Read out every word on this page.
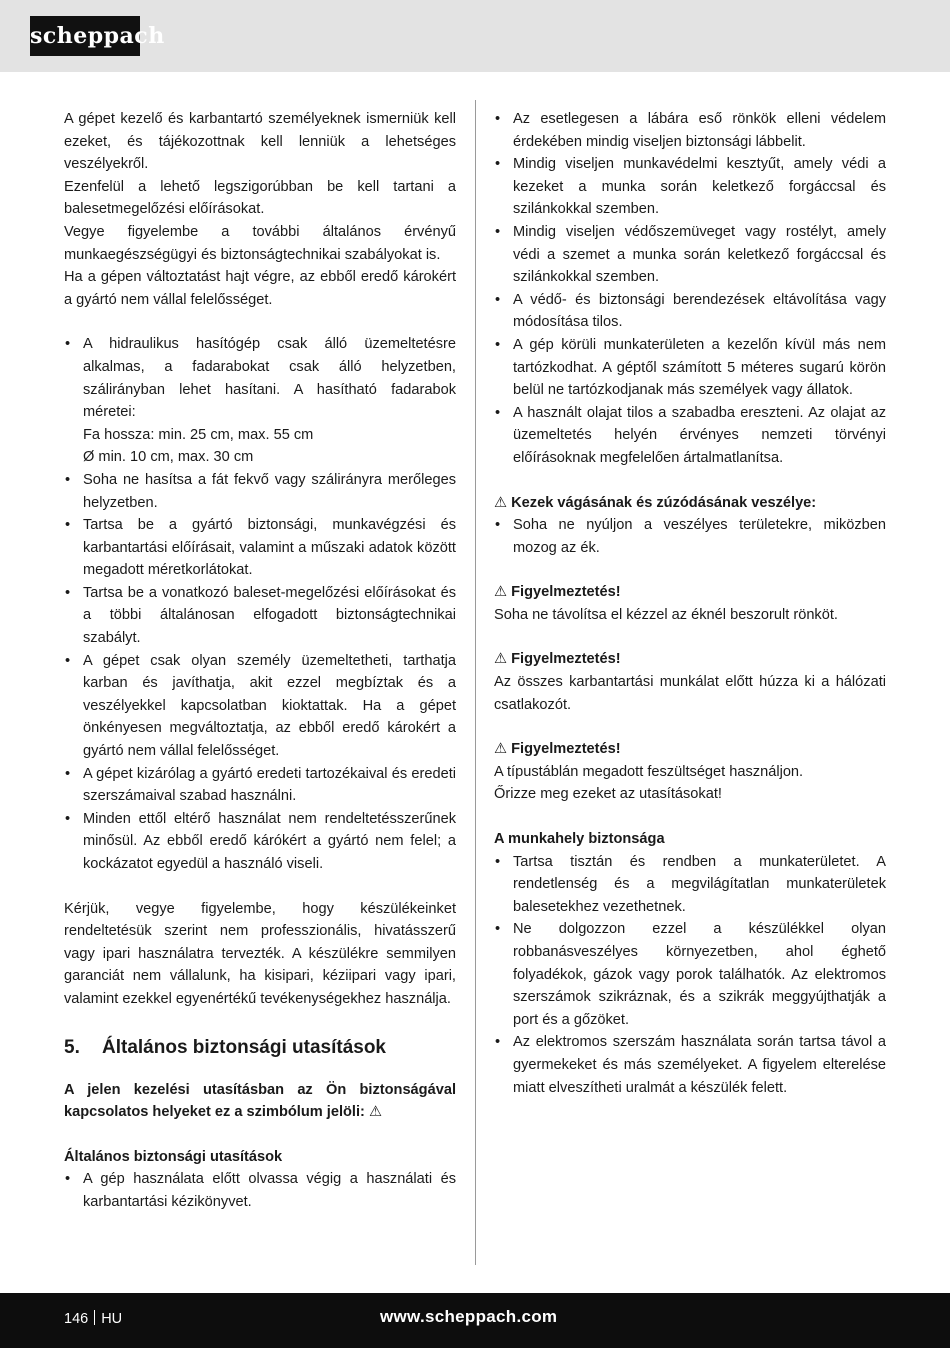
scheppach

A gépet kezelő és karbantartó személyeknek ismerniük kell ezeket, és tájékozottnak kell lenniük a lehetséges veszélyekről.

Ezenfelül a lehető legszigorúbban be kell tartani a balesetmegelőzési előírásokat.

Vegye figyelembe a további általános érvényű munkaegészségügyi és biztonságtechnikai szabályokat is.

Ha a gépen változtatást hajt végre, az ebből eredő károkért a gyártó nem vállal felelősséget.

• A hidraulikus hasítógép csak álló üzemeltetésre alkalmas, a fadarabokat csak álló helyzetben, szálirányban lehet hasítani. A hasítható fadarabok méretei:
Fa hossza: min. 25 cm, max. 55 cm
Ø min. 10 cm, max. 30 cm
• Soha ne hasítsa a fát fekvő vagy szálirányra merőleges helyzetben.
• Tartsa be a gyártó biztonsági, munkavégzési és karbantartási előírásait, valamint a műszaki adatok között megadott méretkorlátokat.
• Tartsa be a vonatkozó baleset-megelőzési előírásokat és a többi általánosan elfogadott biztonságtechnikai szabályt.
• A gépet csak olyan személy üzemeltetheti, tarthatja karban és javíthatja, akit ezzel megbíztak és a veszélyekkel kapcsolatban kioktattak. Ha a gépet önkényesen megváltoztatja, az ebből eredő károkért a gyártó nem vállal felelősséget.
• A gépet kizárólag a gyártó eredeti tartozékaival és eredeti szerszámaival szabad használni.
• Minden ettől eltérő használat nem rendeltetésszerűnek minősül. Az ebből eredő kárókért a gyártó nem felel; a kockázatot egyedül a használó viseli.

Kérjük, vegye figyelembe, hogy készülékeinket rendeltetésük szerint nem professzionális, hivatásszerű vagy ipari használatra tervezték. A készülékre semmilyen garanciát nem vállalunk, ha kisipari, kéziipari vagy ipari, valamint ezekkel egyenértékű tevékenységekhez használja.

5. Általános biztonsági utasítások

A jelen kezelési utasításban az Ön biztonságával kapcsolatos helyeket ez a szimbólum jelöli: ⚠

Általános biztonsági utasítások

• A gép használata előtt olvassa végig a használati és karbantartási kézikönyvet.
• Az esetlegesen a lábára eső rönkök elleni védelem érdekében mindig viseljen biztonsági lábbelit.
• Mindig viseljen munkavédelmi kesztyűt, amely védi a kezeket a munka során keletkező forgáccsal és szilánkokkal szemben.
• Mindig viseljen védőszemüveget vagy rostélyt, amely védi a szemet a munka során keletkező forgáccsal és szilánkokkal szemben.
• A védő- és biztonsági berendezések eltávolítása vagy módosítása tilos.
• A gép körüli munkaterületen a kezelőn kívül más nem tartózkodhat. A géptől számított 5 méteres sugarú körön belül ne tartózkodjanak más személyek vagy állatok.
• A használt olajat tilos a szabadba ereszteni. Az olajat az üzemeltetés helyén érvényes nemzeti törvényi előírásoknak megfelelően ártalmatlanítsa.

⚠ Kezek vágásának és zúzódásának veszélye:

• Soha ne nyúljon a veszélyes területekre, miközben mozog az ék.

⚠ Figyelmeztetés!

Soha ne távolítsa el kézzel az éknél beszorult rönköt.

⚠ Figyelmeztetés!

Az összes karbantartási munkálat előtt húzza ki a hálózati csatlakozót.

⚠ Figyelmeztetés!

A típustáblán megadott feszültséget használjon.

Őrizze meg ezeket az utasításokat!

A munkahely biztonsága

• Tartsa tisztán és rendben a munkaterületet. A rendetlenség és a megvilágítatlan munkaterületek balesetekhez vezethetnek.
• Ne dolgozzon ezzel a készülékkel olyan robbanásveszélyes környezetben, ahol éghető folyadékok, gázok vagy porok találhatók. Az elektromos szerszámok szikráznak, és a szikrák meggyújthatják a port és a gőzöket.
• Az elektromos szerszám használata során tartsa távol a gyermekeket és más személyeket. A figyelem elterelése miatt elveszítheti uralmát a készülék felett.
146 HU	www.scheppach.com
